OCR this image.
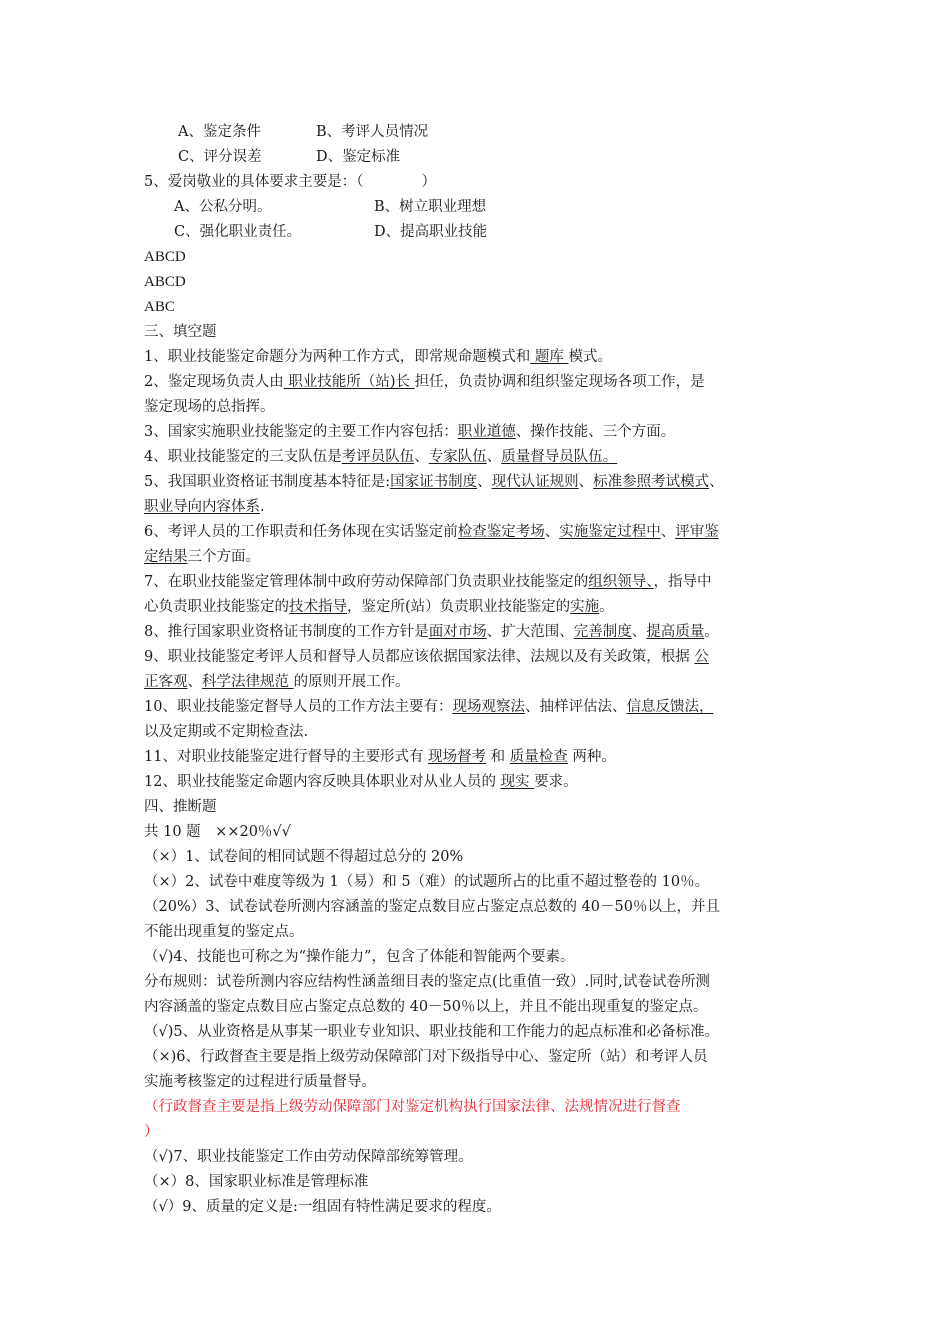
A、鉴定条件	B、考评人员情况
C、评分误差	D、鉴定标准
5、爱岗敬业的具体要求主要是：（　　　　）
A、公私分明。	B、树立职业理想
C、强化职业责任。	D、提高职业技能
ABCD
ABCD
ABC
三、填空题
1、职业技能鉴定命题分为两种工作方式，即常规命题模式和 题库 模式。
2、鉴定现场负责人由 职业技能所（站)长 担任，负责协调和组织鉴定现场各项工作，是
鉴定现场的总指挥。
3、国家实施职业技能鉴定的主要工作内容包括：职业道德、操作技能、三个方面。
4、职业技能鉴定的三支队伍是考评员队伍、专家队伍、质量督导员队伍。
5、我国职业资格证书制度基本特征是:国家证书制度、现代认证规则、标准参照考试模式、
职业导向内容体系.
6、考评人员的工作职责和任务体现在实话鉴定前检查鉴定考场、实施鉴定过程中、评审鉴
定结果三个方面。
7、在职业技能鉴定管理体制中政府劳动保障部门负责职业技能鉴定的组织领导、，指导中
心负责职业技能鉴定的技术指导，鉴定所(站）负责职业技能鉴定的实施。
8、推行国家职业资格证书制度的工作方针是面对市场、扩大范围、完善制度、提高质量。
9、职业技能鉴定考评人员和督导人员都应该依据国家法律、法规以及有关政策，根据 公
正客观、科学法律规范 的原则开展工作。
10、职业技能鉴定督导人员的工作方法主要有：现场观察法、抽样评估法、信息反馈法，
以及定期或不定期检查法.
11、对职业技能鉴定进行督导的主要形式有 现场督考 和 质量检查 两种。
12、职业技能鉴定命题内容反映具体职业对从业人员的 现实 要求。
四、推断题
共 10 题　××20％√√
（×）1、试卷间的相同试题不得超过总分的 20%
（×）2、试卷中难度等级为 1（易）和 5（难）的试题所占的比重不超过整卷的 10％。
（20%）3、试卷试卷所测内容涵盖的鉴定点数目应占鉴定点总数的 40－50％以上，并且
不能出现重复的鉴定点。
（√)4、技能也可称之为“操作能力”，包含了体能和智能两个要素。
分布规则：试卷所测内容应结构性涵盖细目表的鉴定点(比重值一致）.同时,试卷试卷所测
内容涵盖的鉴定点数目应占鉴定点总数的 40－50％以上，并且不能出现重复的鉴定点。
（√)5、从业资格是从事某一职业专业知识、职业技能和工作能力的起点标准和必备标准。
（×)6、行政督查主要是指上级劳动保障部门对下级指导中心、鉴定所（站）和考评人员
实施考核鉴定的过程进行质量督导。
（行政督查主要是指上级劳动保障部门对鉴定机构执行国家法律、法规情况进行督查
）
（√)7、职业技能鉴定工作由劳动保障部统筹管理。
（×）8、国家职业标准是管理标准
（√）9、质量的定义是:一组固有特性满足要求的程度。
